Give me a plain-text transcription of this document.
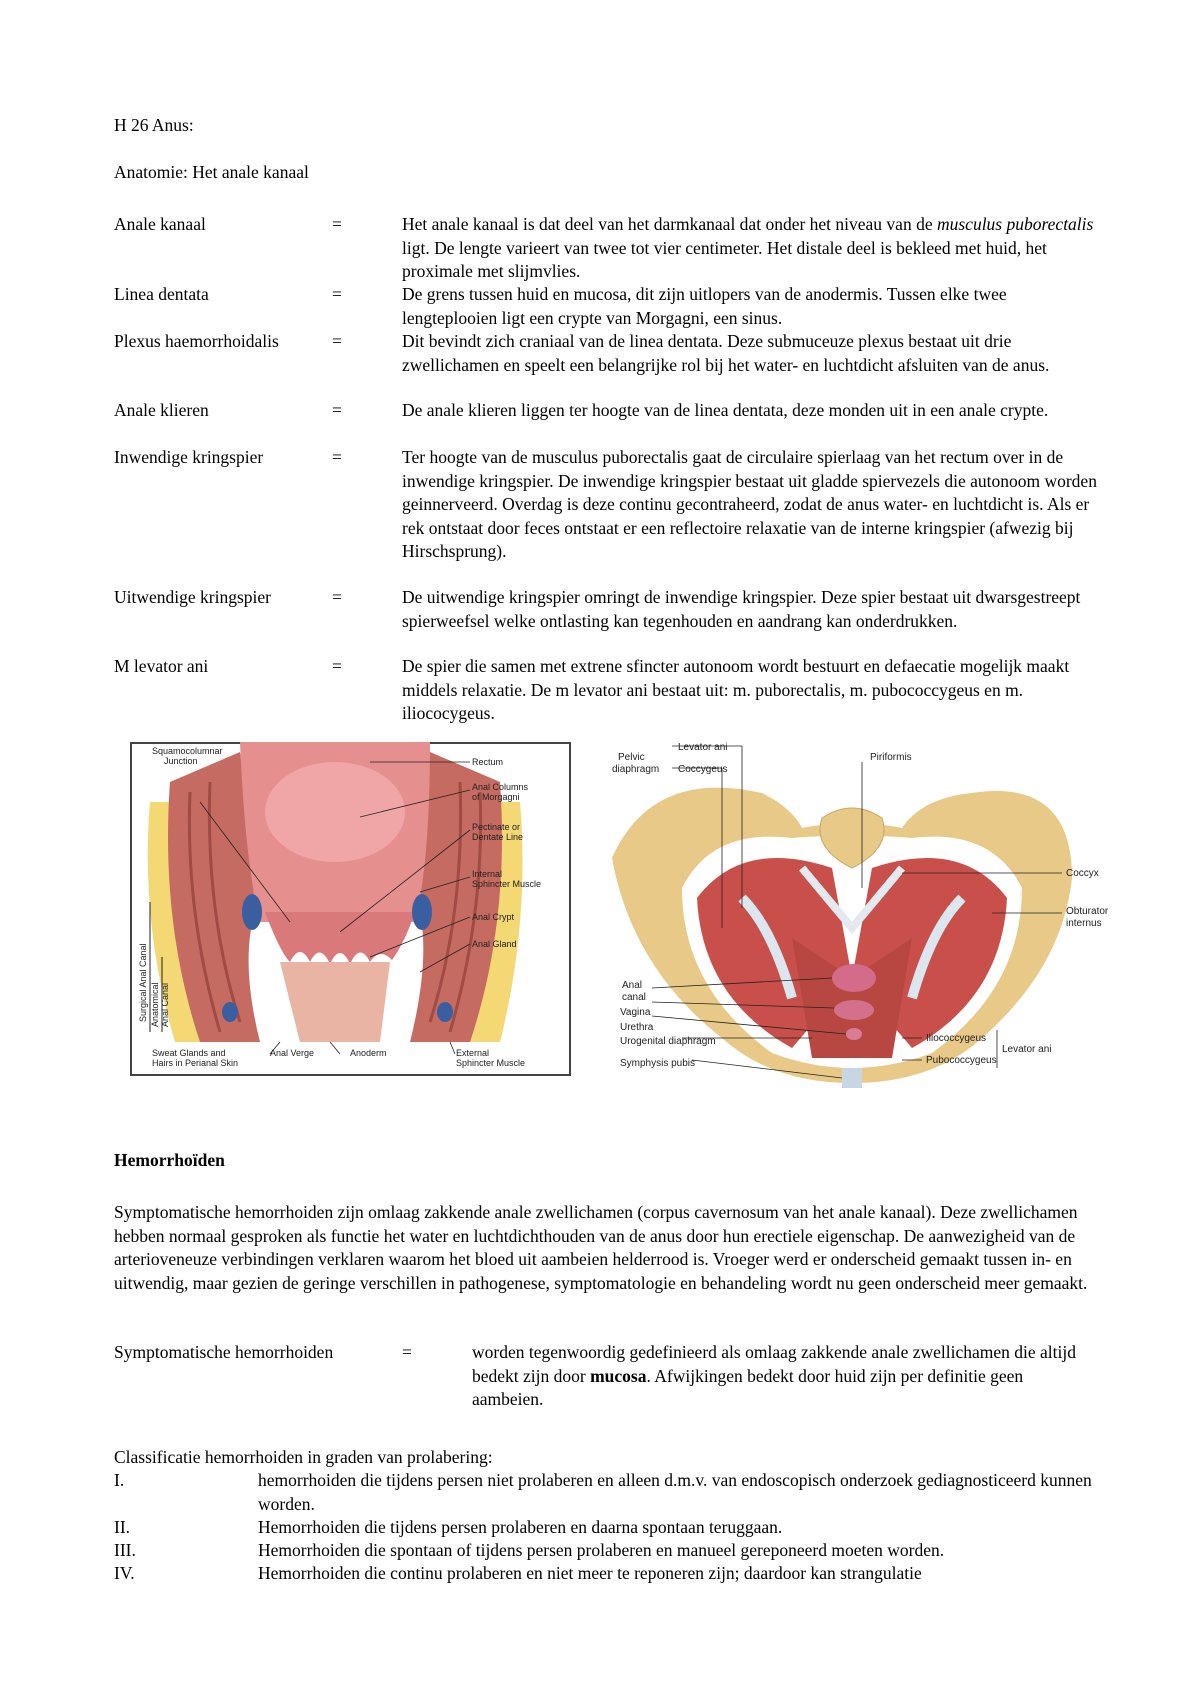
H 26 Anus:
Anatomie: Het anale kanaal
Anale kanaal	=	Het anale kanaal is dat deel van het darmkanaal dat onder het niveau van de musculus puborectalis ligt. De lengte varieert van twee tot vier centimeter. Het distale deel is bekleed met huid, het proximale met slijmvlies.
Linea dentata	=	De grens tussen huid en mucosa, dit zijn uitlopers van de anodermis. Tussen elke twee lengteplooien ligt een crypte van Morgagni, een sinus.
Plexus haemorrhoidalis	=	Dit bevindt zich craniaal van de linea dentata. Deze submuceuze plexus bestaat uit drie zwellichamen en speelt een belangrijke rol bij het water- en luchtdicht afsluiten van de anus.
Anale klieren	=	De anale klieren liggen ter hoogte van de linea dentata, deze monden uit in een anale crypte.
Inwendige kringspier	=	Ter hoogte van de musculus puborectalis gaat de circulaire spierlaag van het rectum over in de inwendige kringspier. De inwendige kringspier bestaat uit gladde spiervezels die autonoom worden geinnerveerd. Overdag is deze continu gecontraheerd, zodat de anus water- en luchtdicht is. Als er rek ontstaat door feces ontstaat er een reflectoire relaxatie van de interne kringspier (afwezig bij Hirschsprung).
Uitwendige kringspier	=	De uitwendige kringspier omringt de inwendige kringspier. Deze spier bestaat uit dwarsgestreept spierweefsel welke ontlasting kan tegenhouden en aandrang kan onderdrukken.
M levator ani	=	De spier die samen met extrene sfincter autonoom wordt bestuurt en defaecatie mogelijk maakt middels relaxatie. De m levator ani bestaat uit: m. puborectalis, m. pubococcygeus en m. iliococygeus.
Squamocolumnar
Junction	Rectum
Anal Columns
of Morgagni
Pectinate or
Dentate Line
Internal
Sphincter Muscle
Anal Crypt
Anal Gland
Surgical Anal Canal Anatomical Anal Canal
Sweat Glands and
Hairs in Perianal Skin
Anal Verge	Anoderm	External
Sphincter Muscle
Pelvic
diaphragm
Levator ani
Coccygeus
Piriformis
Coccyx
Obturator
internus
Anal
canal
Vagina
Urethra
Urogenital diaphragm
Symphysis pubis
Iliococcygeus
Pubococcygeus
Levator ani
Hemorrhoïden
Symptomatische hemorrhoiden zijn omlaag zakkende anale zwellichamen (corpus cavernosum van het anale kanaal). Deze zwellichamen hebben normaal gesproken als functie het water en luchtdichthouden van de anus door hun erectiele eigenschap. De aanwezigheid van de arterioveneuze verbindingen verklaren waarom het bloed uit aambeien helderrood is. Vroeger werd er onderscheid gemaakt tussen in- en uitwendig, maar gezien de geringe verschillen in pathogenese, symptomatologie en behandeling wordt nu geen onderscheid meer gemaakt.
Symptomatische hemorrhoiden	=	worden tegenwoordig gedefinieerd als omlaag zakkende anale zwellichamen die altijd bedekt zijn door mucosa. Afwijkingen bedekt door huid zijn per definitie geen aambeien.
Classificatie hemorrhoiden in graden van prolabering:
I.	hemorrhoiden die tijdens persen niet prolaberen en alleen d.m.v. van endoscopisch onderzoek gediagnosticeerd kunnen worden.
II.	Hemorrhoiden die tijdens persen prolaberen en daarna spontaan teruggaan.
III.	Hemorrhoiden die spontaan of tijdens persen prolaberen en manueel gereponeerd moeten worden.
IV.	Hemorrhoiden die continu prolaberen en niet meer te reponeren zijn; daardoor kan strangulatie
